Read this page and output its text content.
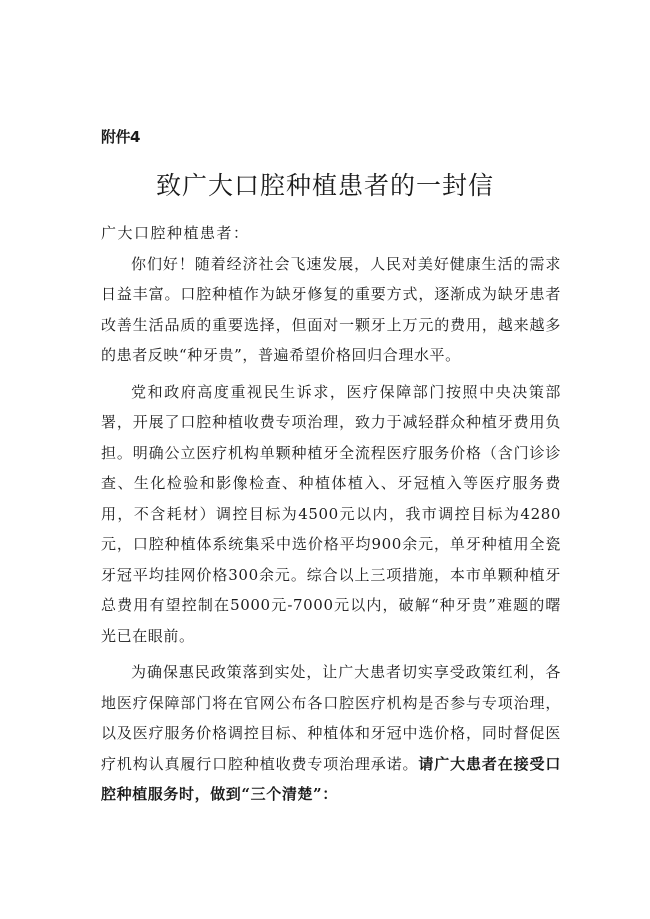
附件4
致广大口腔种植患者的一封信

广大口腔种植患者：

你们好！随着经济社会飞速发展，人民对美好健康生活的需求日益丰富。口腔种植作为缺牙修复的重要方式，逐渐成为缺牙患者改善生活品质的重要选择，但面对一颗牙上万元的费用，越来越多的患者反映“种牙贵”，普遍希望价格回归合理水平。

党和政府高度重视民生诉求，医疗保障部门按照中央决策部署，开展了口腔种植收费专项治理，致力于减轻群众种植牙费用负担。明确公立医疗机构单颗种植牙全流程医疗服务价格（含门诊诊查、生化检验和影像检查、种植体植入、牙冠植入等医疗服务费用，不含耗材）调控目标为4500元以内，我市调控目标为4280元，口腔种植体系统集采中选价格平均900余元，单牙种植用全瓷牙冠平均挂网价格300余元。综合以上三项措施，本市单颗种植牙总费用有望控制在5000元-7000元以内，破解“种牙贵”难题的曙光已在眼前。

为确保惠民政策落到实处，让广大患者切实享受政策红利，各地医疗保障部门将在官网公布各口腔医疗机构是否参与专项治理，以及医疗服务价格调控目标、种植体和牙冠中选价格，同时督促医疗机构认真履行口腔种植收费专项治理承诺。请广大患者在接受口腔种植服务时，做到“三个清楚”：
